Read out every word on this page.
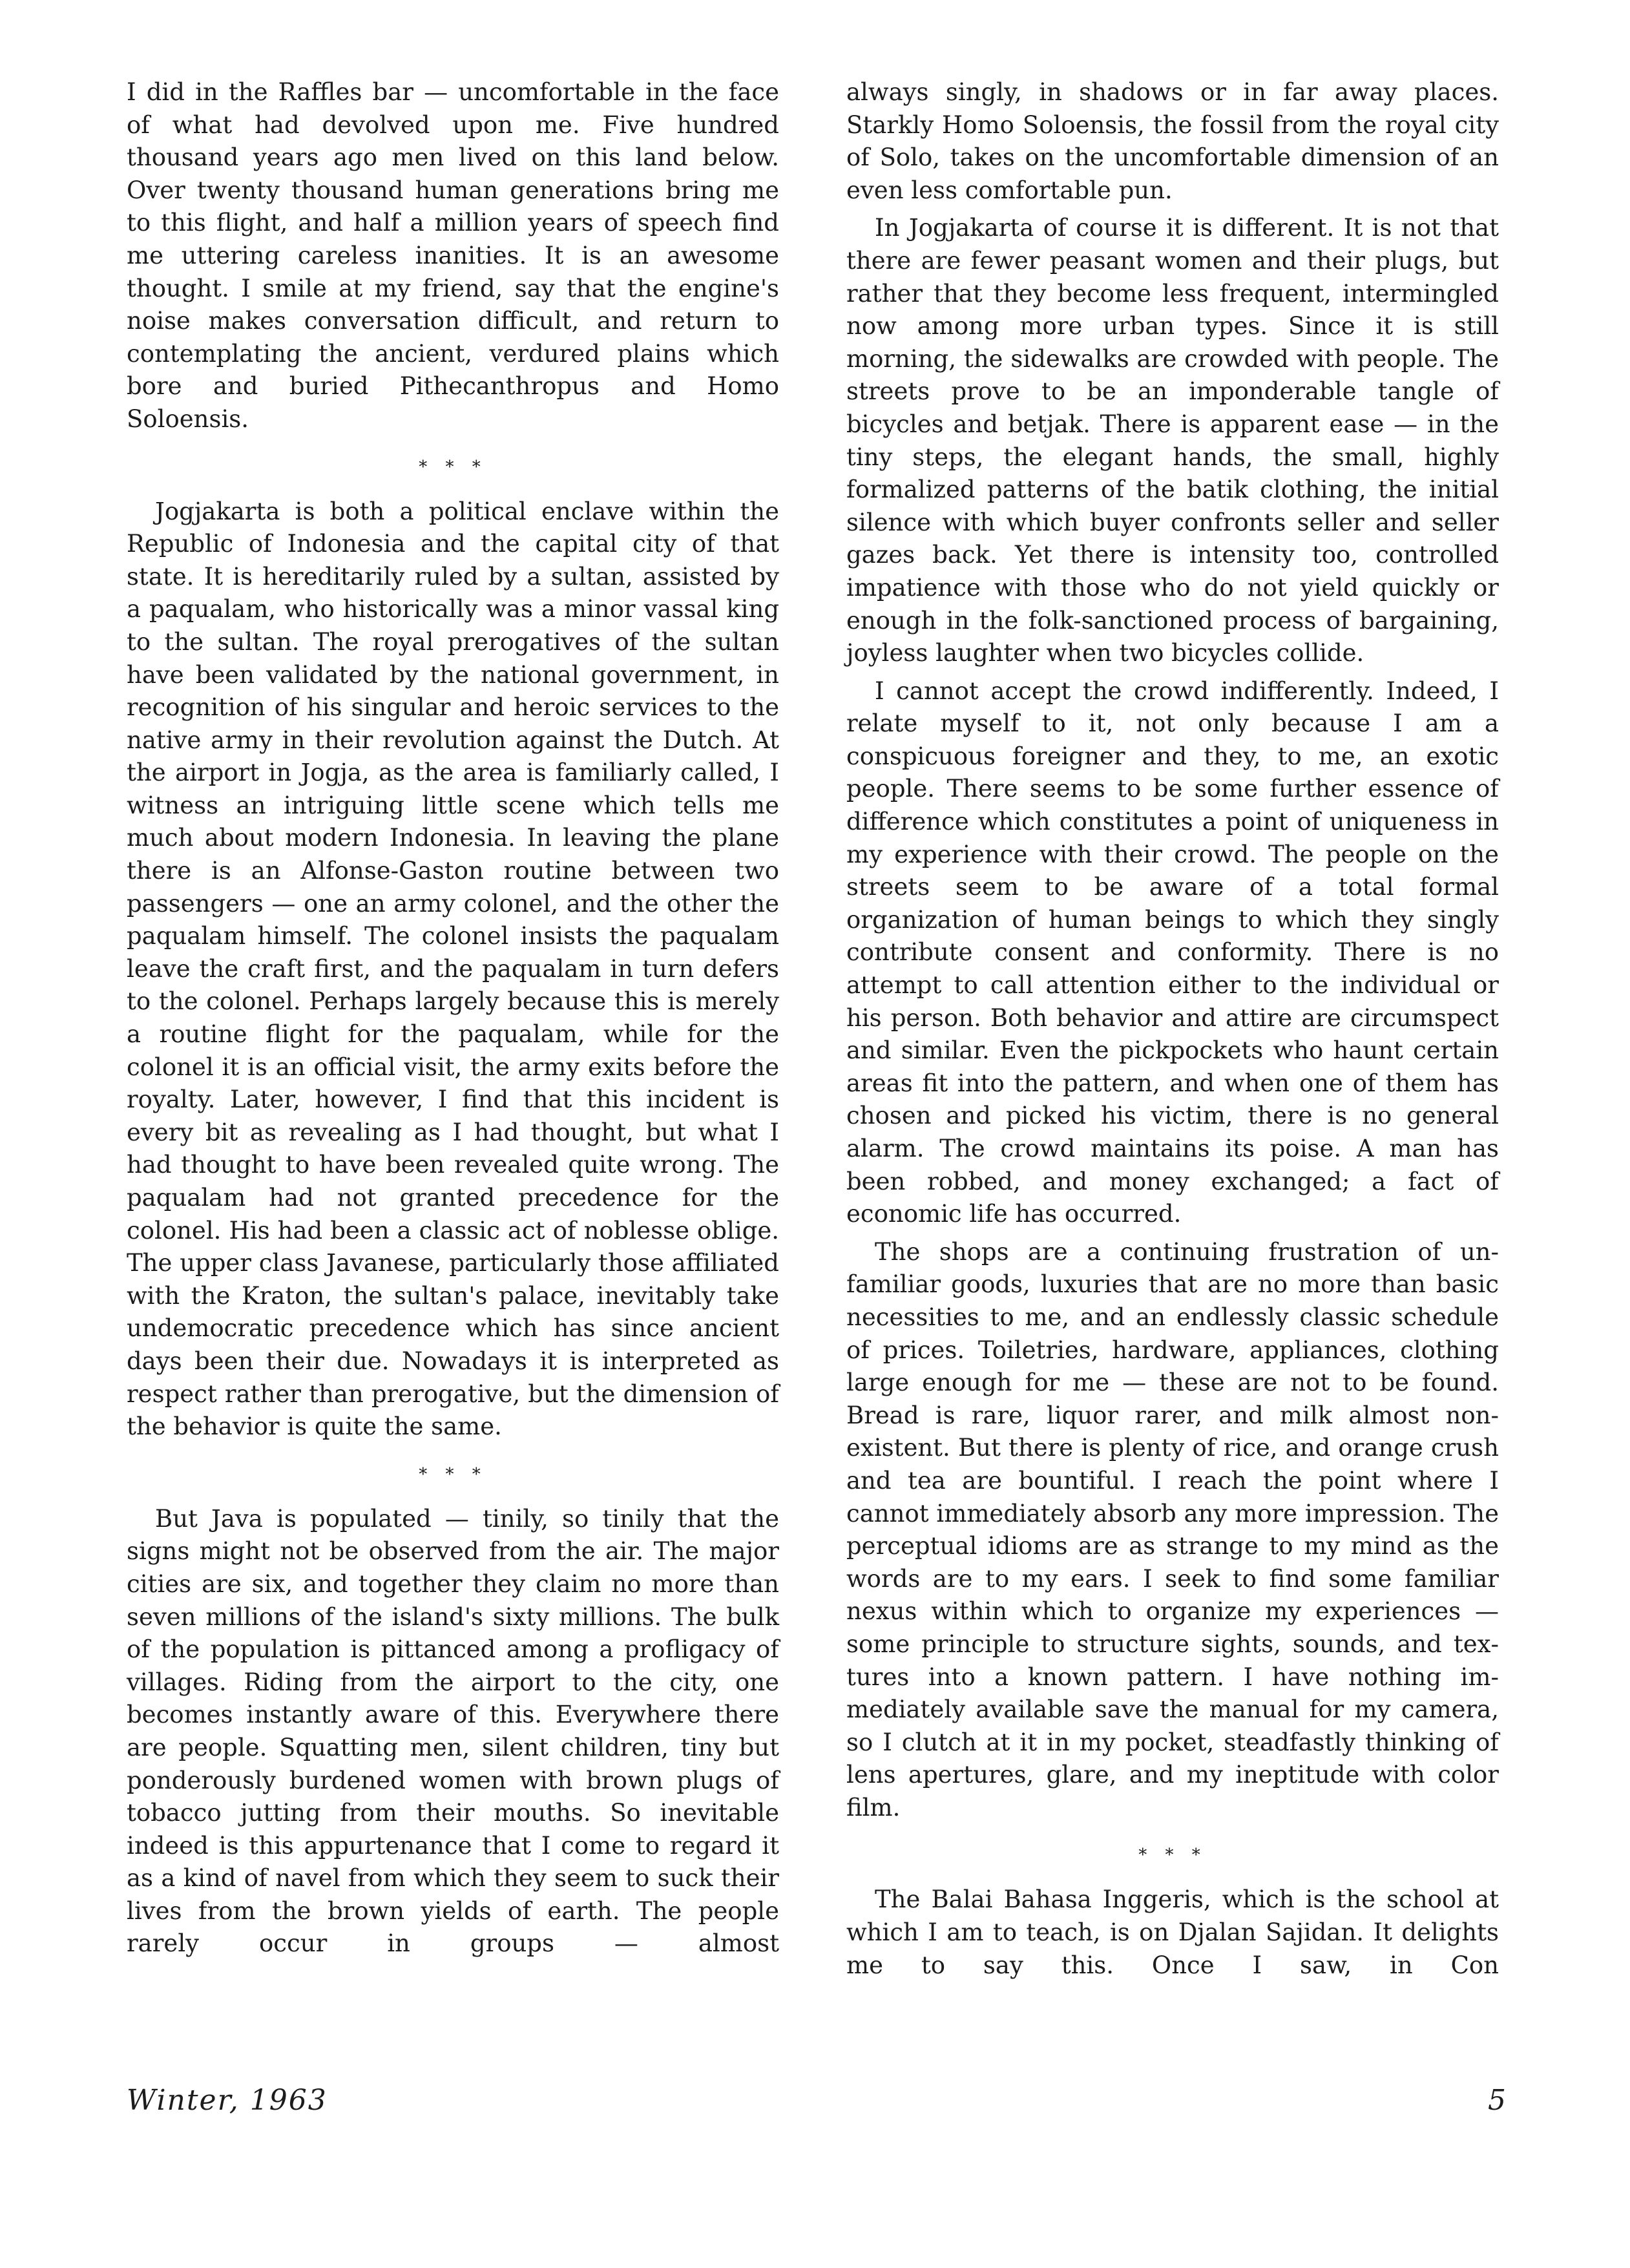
I did in the Raffles bar — uncomfortable in the face of what had devolved upon me. Five hundred thousand years ago men lived on this land below. Over twenty thousand human generations bring me to this flight, and half a million years of speech find me uttering careless inanities. It is an awesome thought. I smile at my friend, say that the engine's noise makes conversation difficult, and return to contemplating the ancient, verdured plains which bore and buried Pithecanthropus and Homo Soloensis.

* * *

Jogjakarta is both a political enclave within the Republic of Indonesia and the capital city of that state. It is hereditarily ruled by a sultan, assisted by a paqualam, who historically was a minor vassal king to the sultan. The royal prerogatives of the sultan have been validated by the national government, in recognition of his singular and heroic services to the native army in their revolution against the Dutch. At the airport in Jogja, as the area is familiarly called, I witness an intriguing little scene which tells me much about modern Indonesia. In leaving the plane there is an Alfonse-Gaston routine between two passengers — one an army colonel, and the other the paqualam himself. The colonel insists the paqualam leave the craft first, and the paqualam in turn defers to the colonel. Perhaps largely because this is merely a routine flight for the paqualam, while for the colonel it is an official visit, the army exits before the royalty. Later, however, I find that this incident is every bit as revealing as I had thought, but what I had thought to have been revealed quite wrong. The paqualam had not granted precedence for the colonel. His had been a classic act of noblesse oblige. The upper class Javanese, particularly those affiliated with the Kraton, the sultan's palace, inevitably take undemocratic precedence which has since ancient days been their due. Nowadays it is interpreted as respect rather than prerogative, but the dimension of the behavior is quite the same.

* * *

But Java is populated — tinily, so tinily that the signs might not be observed from the air. The major cities are six, and together they claim no more than seven millions of the island's sixty millions. The bulk of the population is pittanced among a profligacy of villages. Riding from the airport to the city, one becomes instantly aware of this. Everywhere there are people. Squatting men, silent children, tiny but ponderously burdened women with brown plugs of tobacco jutting from their mouths. So inevitable indeed is this appurtenance that I come to regard it as a kind of navel from which they seem to suck their lives from the brown yields of earth. The people rarely occur in groups — almost

always singly, in shadows or in far away places. Starkly Homo Soloensis, the fossil from the royal city of Solo, takes on the uncomfortable dimension of an even less comfortable pun.

In Jogjakarta of course it is different. It is not that there are fewer peasant women and their plugs, but rather that they become less frequent, intermingled now among more urban types. Since it is still morning, the sidewalks are crowded with people. The streets prove to be an imponderable tangle of bicycles and betjak. There is apparent ease — in the tiny steps, the elegant hands, the small, highly formalized patterns of the batik clothing, the initial silence with which buyer confronts seller and seller gazes back. Yet there is intensity too, controlled impatience with those who do not yield quickly or enough in the folk-sanctioned process of bargaining, joyless laughter when two bicycles collide.

I cannot accept the crowd indifferently. Indeed, I relate myself to it, not only because I am a conspicuous foreigner and they, to me, an exotic people. There seems to be some further essence of difference which constitutes a point of uniqueness in my experience with their crowd. The people on the streets seem to be aware of a total formal organization of human beings to which they singly contribute consent and conformity. There is no attempt to call attention either to the individual or his person. Both behavior and attire are circumspect and similar. Even the pickpockets who haunt certain areas fit into the pattern, and when one of them has chosen and picked his victim, there is no general alarm. The crowd maintains its poise. A man has been robbed, and money exchanged; a fact of economic life has occurred.

The shops are a continuing frustration of unfamiliar goods, luxuries that are no more than basic necessities to me, and an endlessly classic schedule of prices. Toiletries, hardware, appliances, clothing large enough for me — these are not to be found. Bread is rare, liquor rarer, and milk almost non-existent. But there is plenty of rice, and orange crush and tea are bountiful. I reach the point where I cannot immediately absorb any more impression. The perceptual idioms are as strange to my mind as the words are to my ears. I seek to find some familiar nexus within which to organize my experiences — some principle to structure sights, sounds, and textures into a known pattern. I have nothing immediately available save the manual for my camera, so I clutch at it in my pocket, steadfastly thinking of lens apertures, glare, and my ineptitude with color film.

* * *

The Balai Bahasa Inggeris, which is the school at which I am to teach, is on Djalan Sajidan. It delights me to say this. Once I saw, in Con

Winter, 1963	5
